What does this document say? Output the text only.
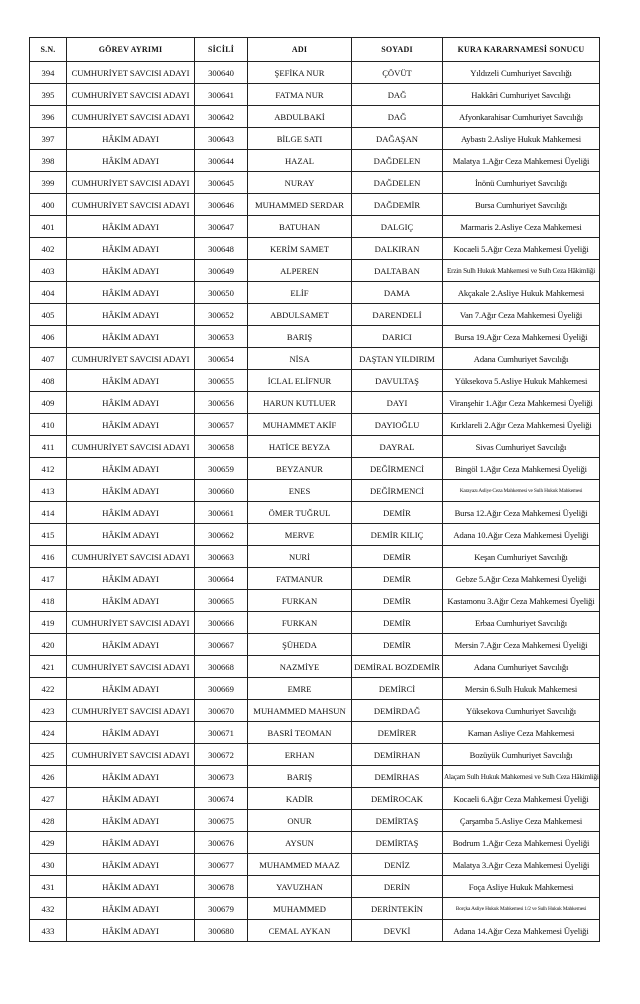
S.N.	GÖREV AYRIMI	SİCİLİ	ADI	SOYADI	KURA KARARNAMESİ SONUCU
394	CUMHURİYET SAVCISI ADAYI	300640	ŞEFİKA NUR	ÇÖVÜT	Yıldızeli Cumhuriyet Savcılığı
395	CUMHURİYET SAVCISI ADAYI	300641	FATMA NUR	DAĞ	Hakkâri Cumhuriyet Savcılığı
396	CUMHURİYET SAVCISI ADAYI	300642	ABDULBAKİ	DAĞ	Afyonkarahisar Cumhuriyet Savcılığı
397	HÂKİM ADAYI	300643	BİLGE SATI	DAĞAŞAN	Aybastı 2.Asliye Hukuk Mahkemesi
398	HÂKİM ADAYI	300644	HAZAL	DAĞDELEN	Malatya 1.Ağır Ceza Mahkemesi Üyeliği
399	CUMHURİYET SAVCISI ADAYI	300645	NURAY	DAĞDELEN	İnönü Cumhuriyet Savcılığı
400	CUMHURİYET SAVCISI ADAYI	300646	MUHAMMED SERDAR	DAĞDEMİR	Bursa Cumhuriyet Savcılığı
401	HÂKİM ADAYI	300647	BATUHAN	DALGIÇ	Marmaris 2.Asliye Ceza Mahkemesi
402	HÂKİM ADAYI	300648	KERİM SAMET	DALKIRAN	Kocaeli 5.Ağır Ceza Mahkemesi Üyeliği
403	HÂKİM ADAYI	300649	ALPEREN	DALTABAN	Erzin Sulh Hukuk Mahkemesi ve Sulh Ceza Hâkimliği
404	HÂKİM ADAYI	300650	ELİF	DAMA	Akçakale 2.Asliye Hukuk Mahkemesi
405	HÂKİM ADAYI	300652	ABDULSAMET	DARENDELİ	Van 7.Ağır Ceza Mahkemesi Üyeliği
406	HÂKİM ADAYI	300653	BARIŞ	DARICI	Bursa 19.Ağır Ceza Mahkemesi Üyeliği
407	CUMHURİYET SAVCISI ADAYI	300654	NİSA	DAŞTAN YILDIRIM	Adana Cumhuriyet Savcılığı
408	HÂKİM ADAYI	300655	İCLAL ELİFNUR	DAVULTAŞ	Yüksekova 5.Asliye Hukuk Mahkemesi
409	HÂKİM ADAYI	300656	HARUN KUTLUER	DAYI	Viranşehir 1.Ağır Ceza Mahkemesi Üyeliği
410	HÂKİM ADAYI	300657	MUHAMMET AKİF	DAYIOĞLU	Kırklareli 2.Ağır Ceza Mahkemesi Üyeliği
411	CUMHURİYET SAVCISI ADAYI	300658	HATİCE BEYZA	DAYRAL	Sivas Cumhuriyet Savcılığı
412	HÂKİM ADAYI	300659	BEYZANUR	DEĞİRMENCİ	Bingöl 1.Ağır Ceza Mahkemesi Üyeliği
413	HÂKİM ADAYI	300660	ENES	DEĞİRMENCİ	Karayazı Asliye Ceza Mahkemesi ve Sulh Hukuk Mahkemesi
414	HÂKİM ADAYI	300661	ÖMER TUĞRUL	DEMİR	Bursa 12.Ağır Ceza Mahkemesi Üyeliği
415	HÂKİM ADAYI	300662	MERVE	DEMİR KILIÇ	Adana 10.Ağır Ceza Mahkemesi Üyeliği
416	CUMHURİYET SAVCISI ADAYI	300663	NURİ	DEMİR	Keşan Cumhuriyet Savcılığı
417	HÂKİM ADAYI	300664	FATMANUR	DEMİR	Gebze 5.Ağır Ceza Mahkemesi Üyeliği
418	HÂKİM ADAYI	300665	FURKAN	DEMİR	Kastamonu 3.Ağır Ceza Mahkemesi Üyeliği
419	CUMHURİYET SAVCISI ADAYI	300666	FURKAN	DEMİR	Erbaa Cumhuriyet Savcılığı
420	HÂKİM ADAYI	300667	ŞÜHEDA	DEMİR	Mersin 7.Ağır Ceza Mahkemesi Üyeliği
421	CUMHURİYET SAVCISI ADAYI	300668	NAZMİYE	DEMİRAL BOZDEMİR	Adana Cumhuriyet Savcılığı
422	HÂKİM ADAYI	300669	EMRE	DEMİRCİ	Mersin 6.Sulh Hukuk Mahkemesi
423	CUMHURİYET SAVCISI ADAYI	300670	MUHAMMED MAHSUN	DEMİRDAĞ	Yüksekova Cumhuriyet Savcılığı
424	HÂKİM ADAYI	300671	BASRİ TEOMAN	DEMİRER	Kaman Asliye Ceza Mahkemesi
425	CUMHURİYET SAVCISI ADAYI	300672	ERHAN	DEMİRHAN	Bozüyük Cumhuriyet Savcılığı
426	HÂKİM ADAYI	300673	BARIŞ	DEMİRHAS	Alaçam Sulh Hukuk Mahkemesi ve Sulh Ceza Hâkimliği
427	HÂKİM ADAYI	300674	KADİR	DEMİROCAK	Kocaeli 6.Ağır Ceza Mahkemesi Üyeliği
428	HÂKİM ADAYI	300675	ONUR	DEMİRTAŞ	Çarşamba 5.Asliye Ceza Mahkemesi
429	HÂKİM ADAYI	300676	AYSUN	DEMİRTAŞ	Bodrum 1.Ağır Ceza Mahkemesi Üyeliği
430	HÂKİM ADAYI	300677	MUHAMMED MAAZ	DENİZ	Malatya 3.Ağır Ceza Mahkemesi Üyeliği
431	HÂKİM ADAYI	300678	YAVUZHAN	DERİN	Foça Asliye Hukuk Mahkemesi
432	HÂKİM ADAYI	300679	MUHAMMED	DERİNTEKİN	Borçka Asliye Hukuk Mahkemesi 1/2 ve Sulh Hukuk Mahkemesi
433	HÂKİM ADAYI	300680	CEMAL AYKAN	DEVKİ	Adana 14.Ağır Ceza Mahkemesi Üyeliği
